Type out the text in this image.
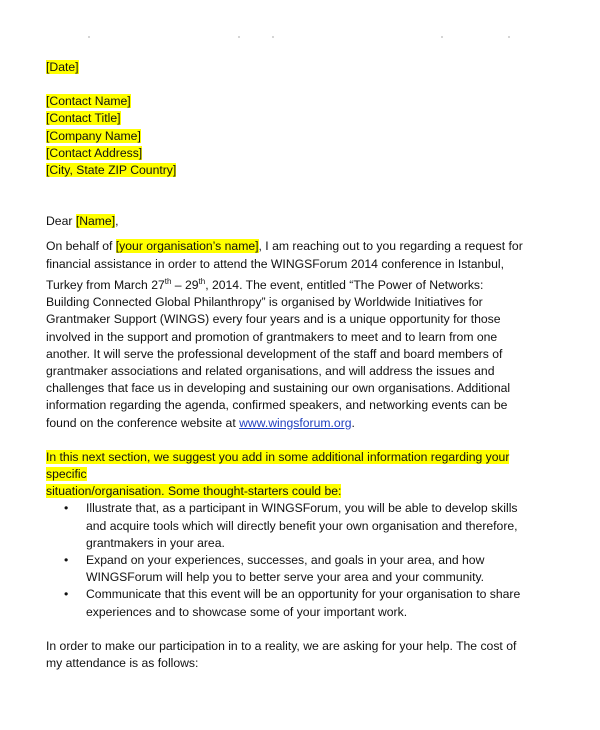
[Date]
[Contact Name]
[Contact Title]
[Company Name]
[Contact Address]
[City, State ZIP Country]

Dear [Name],

On behalf of [your organisation’s name], I am reaching out to you regarding a request for financial assistance in order to attend the WINGSForum 2014 conference in Istanbul, Turkey from March 27th – 29th, 2014. The event, entitled “The Power of Networks: Building Connected Global Philanthropy” is organised by Worldwide Initiatives for Grantmaker Support (WINGS) every four years and is a unique opportunity for those involved in the support and promotion of grantmakers to meet and to learn from one another. It will serve the professional development of the staff and board members of grantmaker associations and related organisations, and will address the issues and challenges that face us in developing and sustaining our own organisations. Additional information regarding the agenda, confirmed speakers, and networking events can be found on the conference website at www.wingsforum.org.

In this next section, we suggest you add in some additional information regarding your specific
situation/organisation. Some thought-starters could be:
• Illustrate that, as a participant in WINGSForum, you will be able to develop skills and acquire tools which will directly benefit your own organisation and therefore, grantmakers in your area.
• Expand on your experiences, successes, and goals in your area, and how WINGSForum will help you to better serve your area and your community.
• Communicate that this event will be an opportunity for your organisation to share experiences and to showcase some of your important work.

In order to make our participation in to a reality, we are asking for your help. The cost of my attendance is as follows:
